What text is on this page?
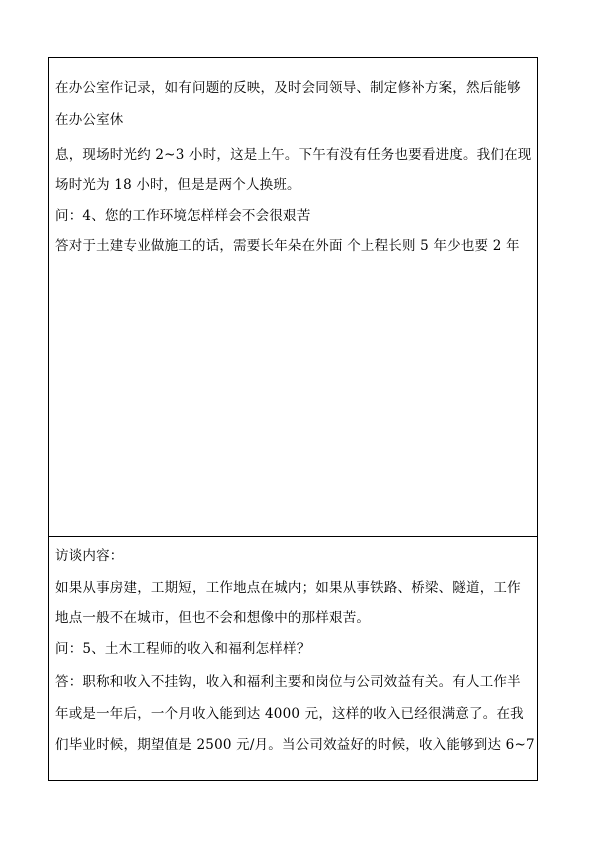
在办公室作记录，如有问题的反映，及时会同领导、制定修补方案，然后能够
在办公室休
息，现场时光约 2~3 小时，这是上午。下午有没有任务也要看进度。我们在现
场时光为 18 小时，但是是两个人换班。
问：4、您的工作环境怎样样会不会很艰苦
答对于土建专业做施工的话，需要长年朵在外面 个上程长则 5 年少也要 2 年
访谈内容：
如果从事房建，工期短，工作地点在城内；如果从事铁路、桥梁、隧道，工作
地点一般不在城市，但也不会和想像中的那样艰苦。
问：5、土木工程师的收入和福利怎样样？
答：职称和收入不挂钩，收入和福利主要和岗位与公司效益有关。有人工作半
年或是一年后，一个月收入能到达 4000 元，这样的收入已经很满意了。在我
们毕业时候，期望值是 2500 元/月。当公司效益好的时候，收入能够到达 6~7
